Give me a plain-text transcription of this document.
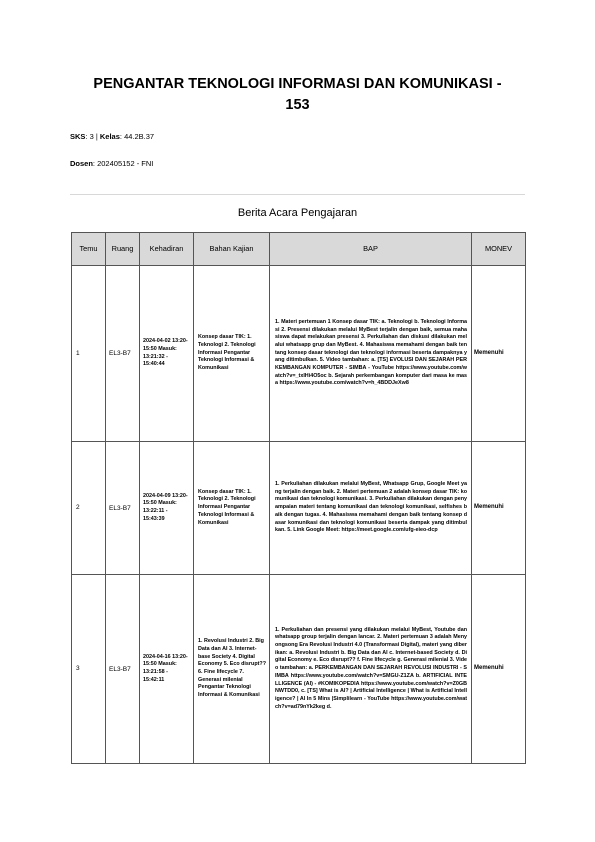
PENGANTAR TEKNOLOGI INFORMASI DAN KOMUNIKASI -
153
SKS: 3 | Kelas: 44.2B.37
Dosen: 202405152 - FNI
Berita Acara Pengajaran
Temu	Ruang	Kehadiran	Bahan Kajian	BAP	MONEV
1	EL3-B7	2024-04-02 13:20-15:50 Masuk: 13:21:32 - 15:40:44	Konsep dasar TIK: 1. Teknologi 2. Teknologi Informasi Pengantar Teknologi Informasi & Komunikasi	1. Materi pertemuan 1 Konsep dasar TIK: a. Teknologi b. Teknologi Informasi 2. Presensi dilakukan melalui MyBest terjalin dengan baik, semua mahasiswa dapat melakukan presensi 3. Perkuliahan dan diskusi dilakukan melalui whatsapp grup dan MyBest. 4. Mahasiswa memahami dengan baik tentang konsep dasar teknologi dan teknologi informasi beserta dampaknya yang ditimbulkan. 5. Video tambahan: a. [TS] EVOLUSI DAN SEJARAH PERKEMBANGAN KOMPUTER - SIMBA - YouTube https://www.youtube.com/watch?v=_txIHi4O5oc b. Sejarah perkembangan komputer dari masa ke masa https://www.youtube.com/watch?v=h_4BDDJeXw8	Memenuhi
2	EL3-B7	2024-04-09 13:20-15:50 Masuk: 13:22:11 - 15:43:39	Konsep dasar TIK: 1. Teknologi 2. Teknologi Informasi Pengantar Teknologi Informasi & Komunikasi	1. Perkuliahan dilakukan melalui MyBest, Whatsapp Grup, Google Meet yang terjalin dengan baik. 2. Materi pertemuan 2 adalah konsep dasar TIK: komunikasi dan teknologi komunikasi. 3. Perkuliahan dilakukan dengan penyampaian materi tentang komunikasi dan teknologi komunikasi, selfishes baik dengan tugas. 4. Mahasiswa memahami dengan baik tentang konsep dasar komunikasi dan teknologi komunikasi beserta dampak yang ditimbulkan. 5. Link Google Meet: https://meet.google.com/ufg-eieo-dcp	Memenuhi
3	EL3-B7	2024-04-16 13:20-15:50 Masuk: 13:21:58 - 15:42:11	1. Revolusi Industri 2. Big Data dan AI 3. Internet-base Society 4. Digital Economy 5. Eco disrupt?? 6. Fine lifecycle 7. Generasi milenial Pengantar Teknologi Informasi & Komunikasi	1. Perkuliahan dan presensi yang dilakukan melalui MyBest, Youtube dan whatsapp group terjalin dengan lancar. 2. Materi pertemuan 3 adalah Menyongsong Era Revolusi Industri 4.0 (Transformasi Digital), materi yang diberikan: a. Revolusi Industri b. Big Data dan AI c. Internet-based Society d. Digital Economy e. Eco disrupt?? f. Fine lifecycle g. Generasi milenial 3. Video tambahan: a. PERKEMBANGAN DAN SEJARAH REVOLUSI INDUSTRI - SIMBA https://www.youtube.com/watch?v=SMGU-Z1ZA b. ARTIFICIAL INTELLIGENCE (AI) - #KOMIKOPEDIA https://www.youtube.com/watch?v=Z0GBNWTDD0, c. [TS] What is AI? | Artificial Intelligence | What is Artificial Intelligence? | AI In 5 Mins |Simplilearn - YouTube https://www.youtube.com/watch?v=ad79nYk2keg d.	Memenuhi
